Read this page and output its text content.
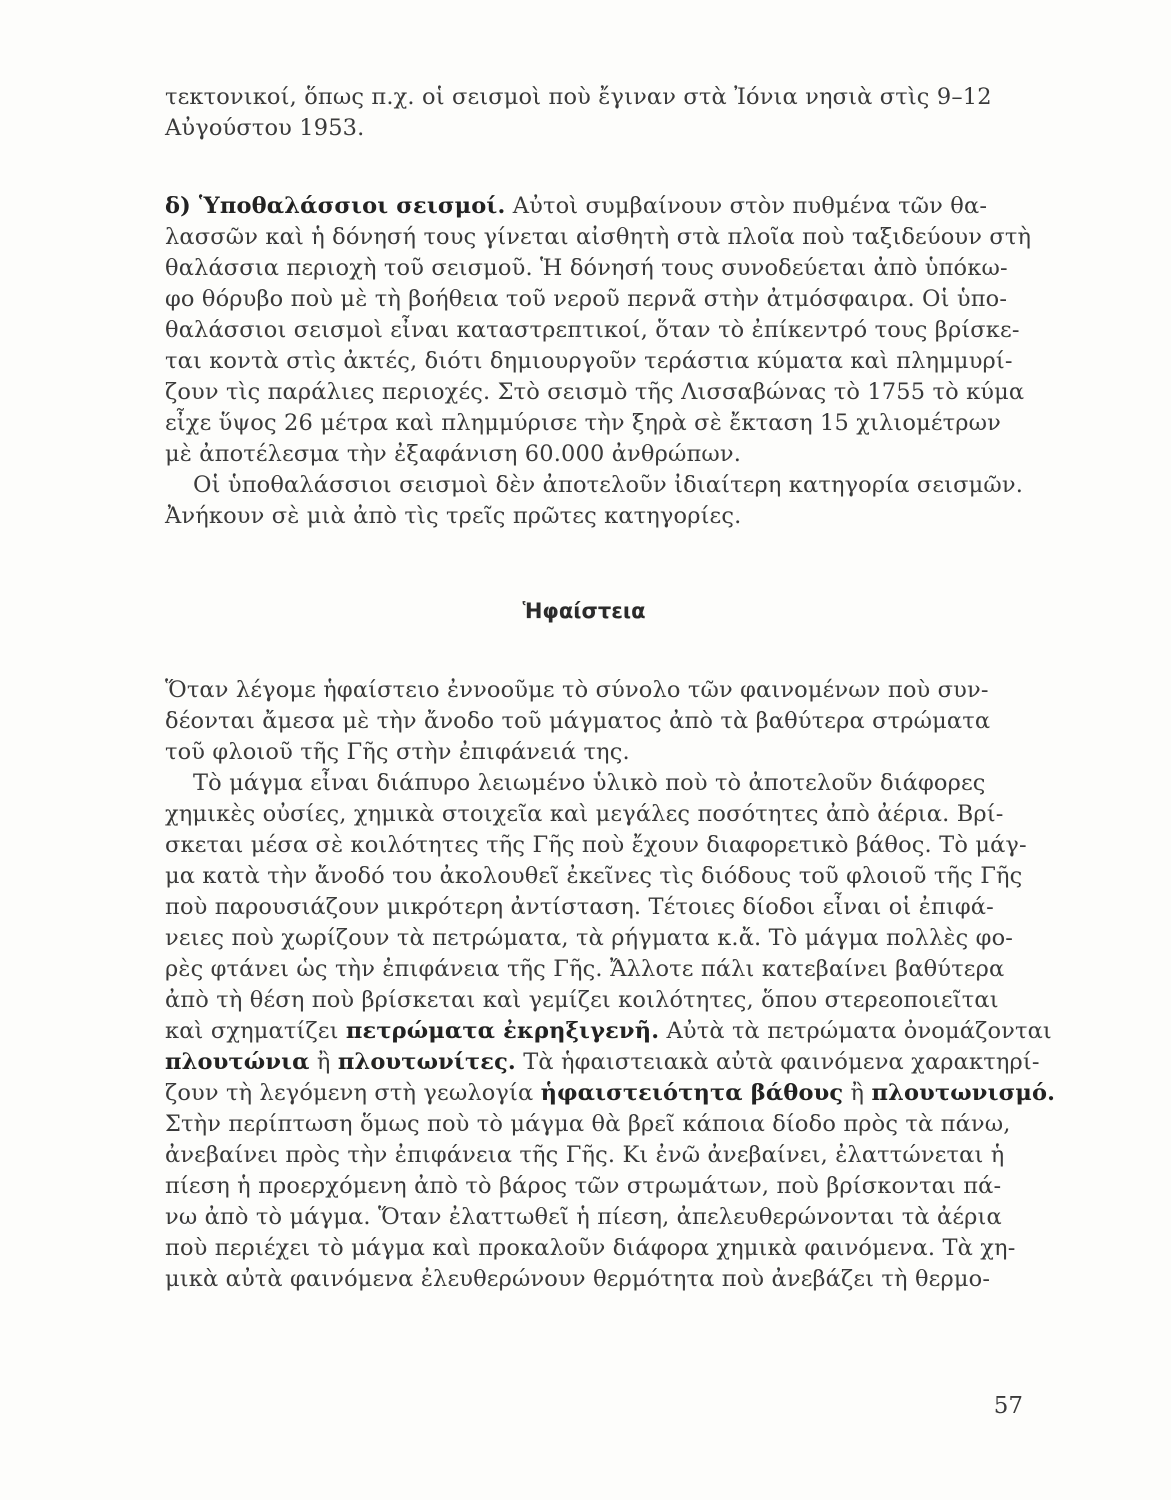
τεκτονικοί, ὅπως π.χ. οἱ σεισμοὶ ποὺ ἔγιναν στὰ Ἰόνια νησιὰ στὶς 9–12
Αὐγούστου 1953.
δ) Ὑποθαλάσσιοι σεισμοί. Αὐτοὶ συμβαίνουν στὸν πυθμένα τῶν θα-
λασσῶν καὶ ἡ δόνησή τους γίνεται αἰσθητὴ στὰ πλοῖα ποὺ ταξιδεύουν στὴ
θαλάσσια περιοχὴ τοῦ σεισμοῦ. Ἡ δόνησή τους συνοδεύεται ἀπὸ ὑπόκω-
φο θόρυβο ποὺ μὲ τὴ βοήθεια τοῦ νεροῦ περνᾶ στὴν ἀτμόσφαιρα. Οἱ ὑπο-
θαλάσσιοι σεισμοὶ εἶναι καταστρεπτικοί, ὅταν τὸ ἐπίκεντρό τους βρίσκε-
ται κοντὰ στὶς ἀκτές, διότι δημιουργοῦν τεράστια κύματα καὶ πλημμυρί-
ζουν τὶς παράλιες περιοχές. Στὸ σεισμὸ τῆς Λισσαβώνας τὸ 1755 τὸ κύμα
εἶχε ὕψος 26 μέτρα καὶ πλημμύρισε τὴν ξηρὰ σὲ ἔκταση 15 χιλιομέτρων
μὲ ἀποτέλεσμα τὴν ἐξαφάνιση 60.000 ἀνθρώπων.
Οἱ ὑποθαλάσσιοι σεισμοὶ δὲν ἀποτελοῦν ἰδιαίτερη κατηγορία σεισμῶν.
Ἀνήκουν σὲ μιὰ ἀπὸ τὶς τρεῖς πρῶτες κατηγορίες.
Ἡφαίστεια
Ὅταν λέγομε ἡφαίστειο ἐννοοῦμε τὸ σύνολο τῶν φαινομένων ποὺ συν-
δέονται ἄμεσα μὲ τὴν ἄνοδο τοῦ μάγματος ἀπὸ τὰ βαθύτερα στρώματα
τοῦ φλοιοῦ τῆς Γῆς στὴν ἐπιφάνειά της.
Τὸ μάγμα εἶναι διάπυρο λειωμένο ὑλικὸ ποὺ τὸ ἀποτελοῦν διάφορες
χημικὲς οὐσίες, χημικὰ στοιχεῖα καὶ μεγάλες ποσότητες ἀπὸ ἀέρια. Βρί-
σκεται μέσα σὲ κοιλότητες τῆς Γῆς ποὺ ἔχουν διαφορετικὸ βάθος. Τὸ μάγ-
μα κατὰ τὴν ἄνοδό του ἀκολουθεῖ ἐκεῖνες τὶς διόδους τοῦ φλοιοῦ τῆς Γῆς
ποὺ παρουσιάζουν μικρότερη ἀντίσταση. Τέτοιες δίοδοι εἶναι οἱ ἐπιφά-
νειες ποὺ χωρίζουν τὰ πετρώματα, τὰ ρήγματα κ.ἄ. Τὸ μάγμα πολλὲς φο-
ρὲς φτάνει ὡς τὴν ἐπιφάνεια τῆς Γῆς. Ἄλλοτε πάλι κατεβαίνει βαθύτερα
ἀπὸ τὴ θέση ποὺ βρίσκεται καὶ γεμίζει κοιλότητες, ὅπου στερεοποιεῖται
καὶ σχηματίζει πετρώματα ἐκρηξιγενῆ. Αὐτὰ τὰ πετρώματα ὀνομάζονται
πλουτώνια ἢ πλουτωνίτες. Τὰ ἡφαιστειακὰ αὐτὰ φαινόμενα χαρακτηρί-
ζουν τὴ λεγόμενη στὴ γεωλογία ἡφαιστειότητα βάθους ἢ πλουτωνισμό.
Στὴν περίπτωση ὅμως ποὺ τὸ μάγμα θὰ βρεῖ κάποια δίοδο πρὸς τὰ πάνω,
ἀνεβαίνει πρὸς τὴν ἐπιφάνεια τῆς Γῆς. Κι ἐνῶ ἀνεβαίνει, ἐλαττώνεται ἡ
πίεση ἡ προερχόμενη ἀπὸ τὸ βάρος τῶν στρωμάτων, ποὺ βρίσκονται πά-
νω ἀπὸ τὸ μάγμα. Ὅταν ἐλαττωθεῖ ἡ πίεση, ἀπελευθερώνονται τὰ ἀέρια
ποὺ περιέχει τὸ μάγμα καὶ προκαλοῦν διάφορα χημικὰ φαινόμενα. Τὰ χη-
μικὰ αὐτὰ φαινόμενα ἐλευθερώνουν θερμότητα ποὺ ἀνεβάζει τὴ θερμο-
57
